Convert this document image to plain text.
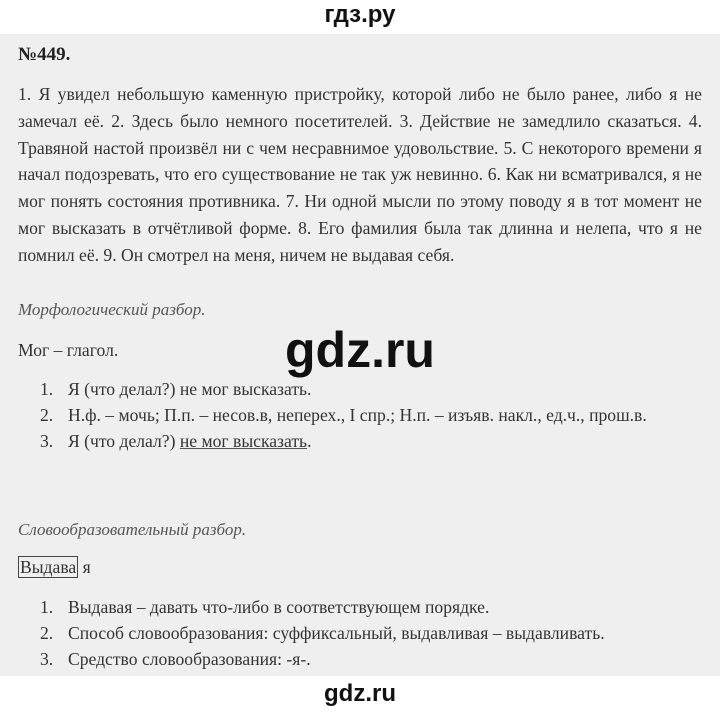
гдз.ру
№449.
1. Я увидел небольшую каменную пристройку, которой либо не было ранее, либо я не замечал её. 2. Здесь было немного посетителей. 3. Действие не замедлило сказаться. 4. Травяной настой произвёл ни с чем несравнимое удовольствие. 5. С некоторого времени я начал подозревать, что его существование не так уж невинно. 6. Как ни всматривался, я не мог понять состояния противника. 7. Ни одной мысли по этому поводу я в тот момент не мог высказать в отчётливой форме. 8. Его фамилия была так длинна и нелепа, что я не помнил её. 9. Он смотрел на меня, ничем не выдавая себя.
Морфологический разбор.
Мог – глагол.
1. Я (что делал?) не мог высказать.
2. Н.ф. – мочь; П.п. – несов.в, неперех., I спр.; Н.п. – изъяв. накл., ед.ч., прош.в.
3. Я (что делал?) не мог высказать.
Словообразовательный разбор.
Выдава я
1. Выдавая – давать что-либо в соответствующем порядке.
2. Способ словообразования: суффиксальный, выдавливая – выдавливать.
3. Средство словообразования: -я-.
gdz.ru
gdz.ru
